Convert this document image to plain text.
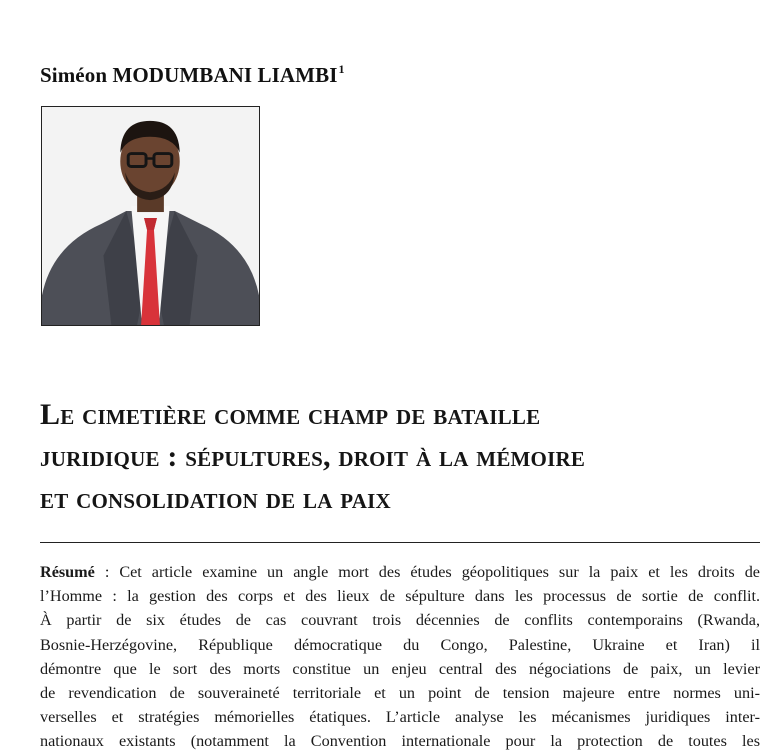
Siméon MODUMBANI LIAMBI$^1$
Le cimetière comme champ de bataille
juridique : sépultures, droit à la mémoire
et consolidation de la paix
Résumé : Cet article examine un angle mort des études géopolitiques sur la paix et les droits de
l’Homme : la gestion des corps et des lieux de sépulture dans les processus de sortie de conflit.
À partir de six études de cas couvrant trois décennies de conflits contemporains (Rwanda,
Bosnie-Herzégovine, République démocratique du Congo, Palestine, Ukraine et Iran) il
démontre que le sort des morts constitue un enjeu central des négociations de paix, un levier
de revendication de souveraineté territoriale et un point de tension majeure entre normes uni-
verselles et stratégies mémorielles étatiques. L’article analyse les mécanismes juridiques inter-
nationaux existants (notamment la Convention internationale pour la protection de toutes les
